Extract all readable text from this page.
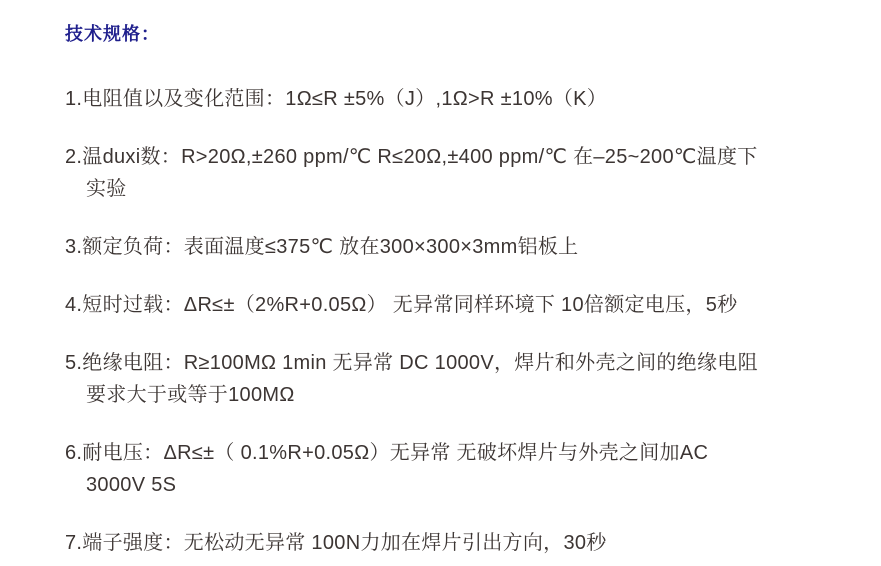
技术规格：
1.电阻值以及变化范围：1Ω≤R ±5%（J）,1Ω>R ±10%（K）
2.温duxi数：R>20Ω,±260 ppm/℃ R≤20Ω,±400 ppm/℃ 在–25~200℃温度下
实验
3.额定负荷：表面温度≤375℃ 放在300×300×3mm铝板上
4.短时过载：ΔR≤±（2%R+0.05Ω） 无异常同样环境下 10倍额定电压，5秒
5.绝缘电阻：R≥100MΩ 1min 无异常 DC 1000V，焊片和外壳之间的绝缘电阻
要求大于或等于100MΩ
6.耐电压：ΔR≤±（ 0.1%R+0.05Ω）无异常 无破坏焊片与外壳之间加AC
3000V 5S
7.端子强度：无松动无异常 100N力加在焊片引出方向，30秒
